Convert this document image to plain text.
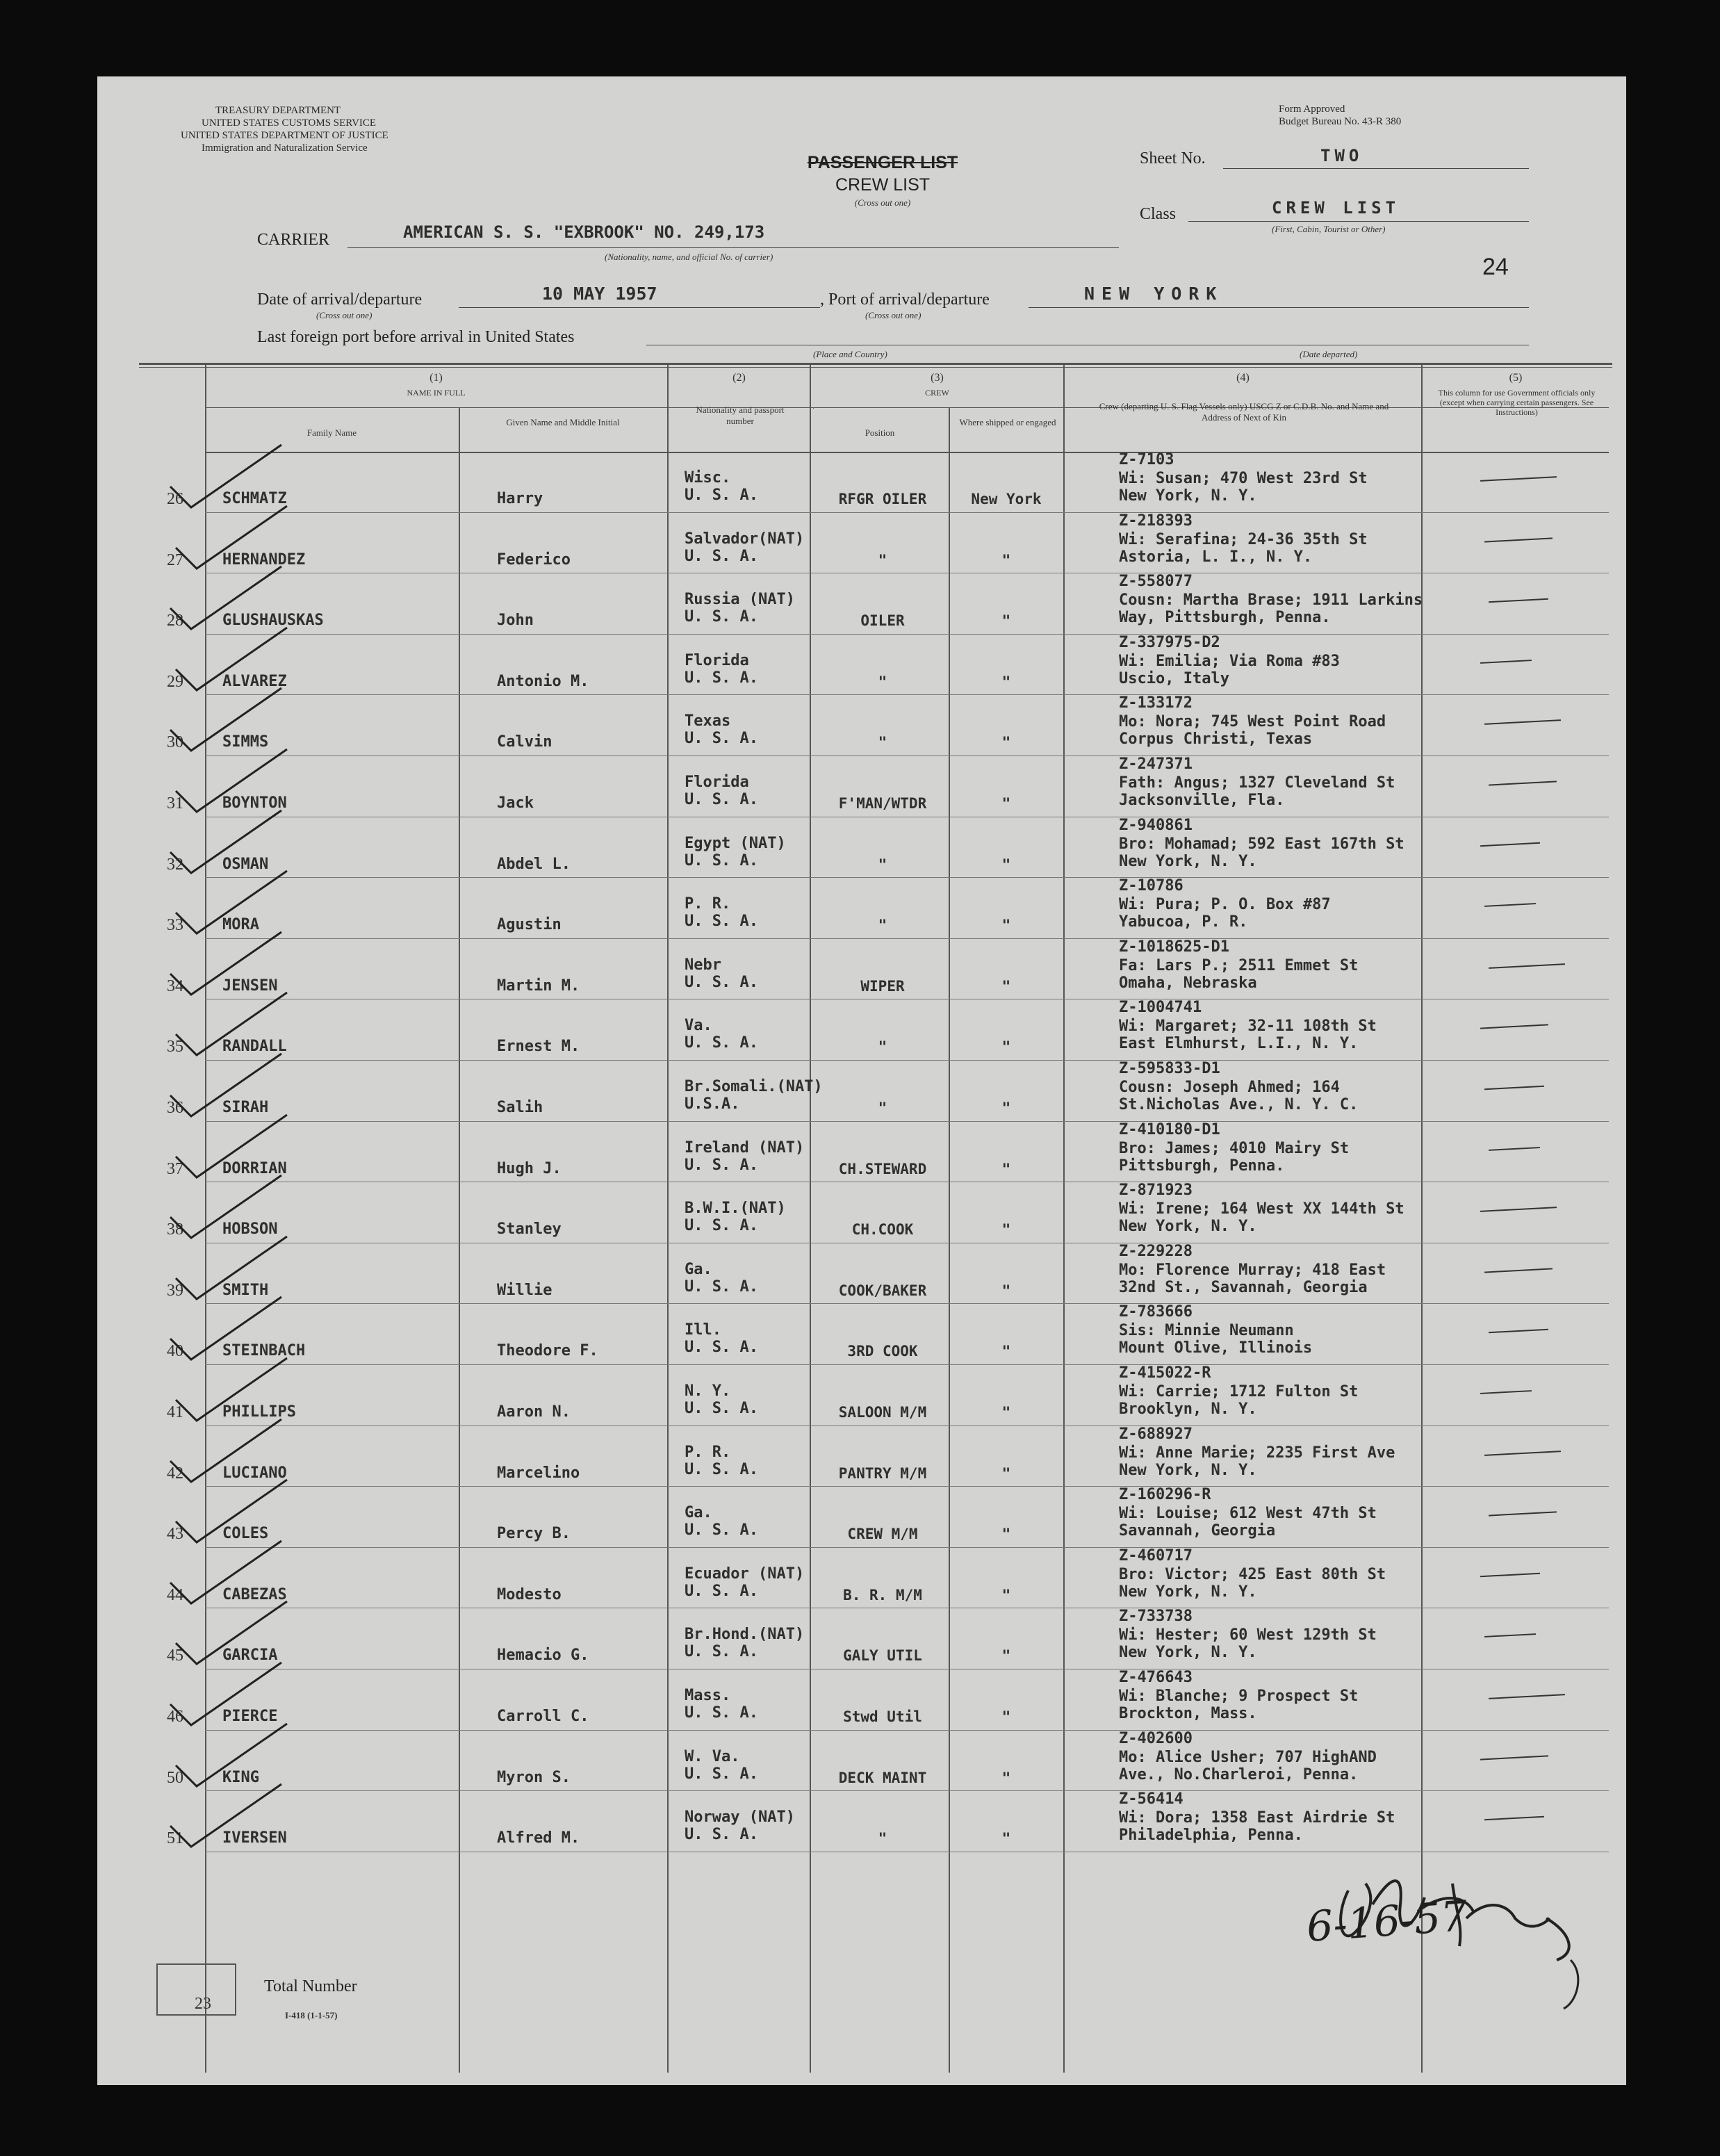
TREASURY DEPARTMENT
UNITED STATES CUSTOMS SERVICE
UNITED STATES DEPARTMENT OF JUSTICE
Immigration and Naturalization Service
Form Approved
Budget Bureau No. 43-R 380
PASSENGER LIST
CREW LIST
(Cross out one)
Sheet No.	TWO
Class	CREW LIST
(First, Cabin, Tourist or Other)
24
CARRIER	AMERICAN S. S. "EXBROOK" NO. 249,173
(Nationality, name, and official No. of carrier)
Date of arrival/departure	10 MAY 1957
(Cross out one)
, Port of arrival/departure	NEW YORK
(Cross out one)
Last foreign port before arrival in United States
(Place and Country)	(Date departed)
(1)
NAME IN FULL
Family Name
Given Name and Middle Initial
(2)
Nationality and passport number
(3)
CREW
Position
Where shipped or engaged
(4)
Crew (departing U. S. Flag Vessels only) USCG Z or C.D.B. No. and Name and Address of Next of Kin
(5)
This column for use Government officials only (except when carrying certain passengers. See Instructions)
23
Total Number
I-418 (1-1-57)
6-16-57
26	SCHMATZ	Harry
Wisc.
U. S. A.	RFGR OILER	New York
Z-7103
Wi: Susan; 470 West 23rd St
New York, N. Y.
27	HERNANDEZ	Federico
Salvador(NAT)
U. S. A.	"	"
Z-218393
Wi: Serafina; 24-36 35th St
Astoria, L. I., N. Y.
28	GLUSHAUSKAS	John
Russia (NAT)
U. S. A.	OILER	"
Z-558077
Cousn: Martha Brase; 1911 Larkins
Way, Pittsburgh, Penna.
29	ALVAREZ	Antonio M.
Florida
U. S. A.	"	"
Z-337975-D2
Wi: Emilia; Via Roma #83
Uscio, Italy
30	SIMMS	Calvin
Texas
U. S. A.	"	"
Z-133172
Mo: Nora; 745 West Point Road
Corpus Christi, Texas
31	BOYNTON	Jack
Florida
U. S. A.	F'MAN/WTDR	"
Z-247371
Fath: Angus; 1327 Cleveland St
Jacksonville, Fla.
32	OSMAN	Abdel L.
Egypt (NAT)
U. S. A.	"	"
Z-940861
Bro: Mohamad; 592 East 167th St
New York, N. Y.
33	MORA	Agustin
P. R.
U. S. A.	"	"
Z-10786
Wi: Pura; P. O. Box #87
Yabucoa, P. R.
34	JENSEN	Martin M.
Nebr
U. S. A.	WIPER	"
Z-1018625-D1
Fa: Lars P.; 2511 Emmet St
Omaha, Nebraska
35	RANDALL	Ernest M.
Va.
U. S. A.	"	"
Z-1004741
Wi: Margaret; 32-11 108th St
East Elmhurst, L.I., N. Y.
36	SIRAH	Salih
Br.Somali.(NAT)
U.S.A.	"	"
Z-595833-D1
Cousn: Joseph Ahmed; 164
St.Nicholas Ave., N. Y. C.
37	DORRIAN	Hugh J.
Ireland (NAT)
U. S. A.	CH.STEWARD	"
Z-410180-D1
Bro: James; 4010 Mairy St
Pittsburgh, Penna.
38	HOBSON	Stanley
B.W.I.(NAT)
U. S. A.	CH.COOK	"
Z-871923
Wi: Irene; 164 West XX 144th St
New York, N. Y.
39	SMITH	Willie
Ga.
U. S. A.	COOK/BAKER	"
Z-229228
Mo: Florence Murray; 418 East
32nd St., Savannah, Georgia
40	STEINBACH	Theodore F.
Ill.
U. S. A.	3RD COOK	"
Z-783666
Sis: Minnie Neumann
Mount Olive, Illinois
41	PHILLIPS	Aaron N.
N. Y.
U. S. A.	SALOON M/M	"
Z-415022-R
Wi: Carrie; 1712 Fulton St
Brooklyn, N. Y.
42	LUCIANO	Marcelino
P. R.
U. S. A.	PANTRY M/M	"
Z-688927
Wi: Anne Marie; 2235 First Ave
New York, N. Y.
43	COLES	Percy B.
Ga.
U. S. A.	CREW M/M	"
Z-160296-R
Wi: Louise; 612 West 47th St
Savannah, Georgia
44	CABEZAS	Modesto
Ecuador (NAT)
U. S. A.	B. R. M/M	"
Z-460717
Bro: Victor; 425 East 80th St
New York, N. Y.
45	GARCIA	Hemacio G.
Br.Hond.(NAT)
U. S. A.	GALY UTIL	"
Z-733738
Wi: Hester; 60 West 129th St
New York, N. Y.
46	PIERCE	Carroll C.
Mass.
U. S. A.	Stwd Util	"
Z-476643
Wi: Blanche; 9 Prospect St
Brockton, Mass.
50	KING	Myron S.
W. Va.
U. S. A.	DECK MAINT	"
Z-402600
Mo: Alice Usher; 707 HighAND
Ave., No.Charleroi, Penna.
51	IVERSEN	Alfred M.
Norway (NAT)
U. S. A.	"	"
Z-56414
Wi: Dora; 1358 East Airdrie St
Philadelphia, Penna.
